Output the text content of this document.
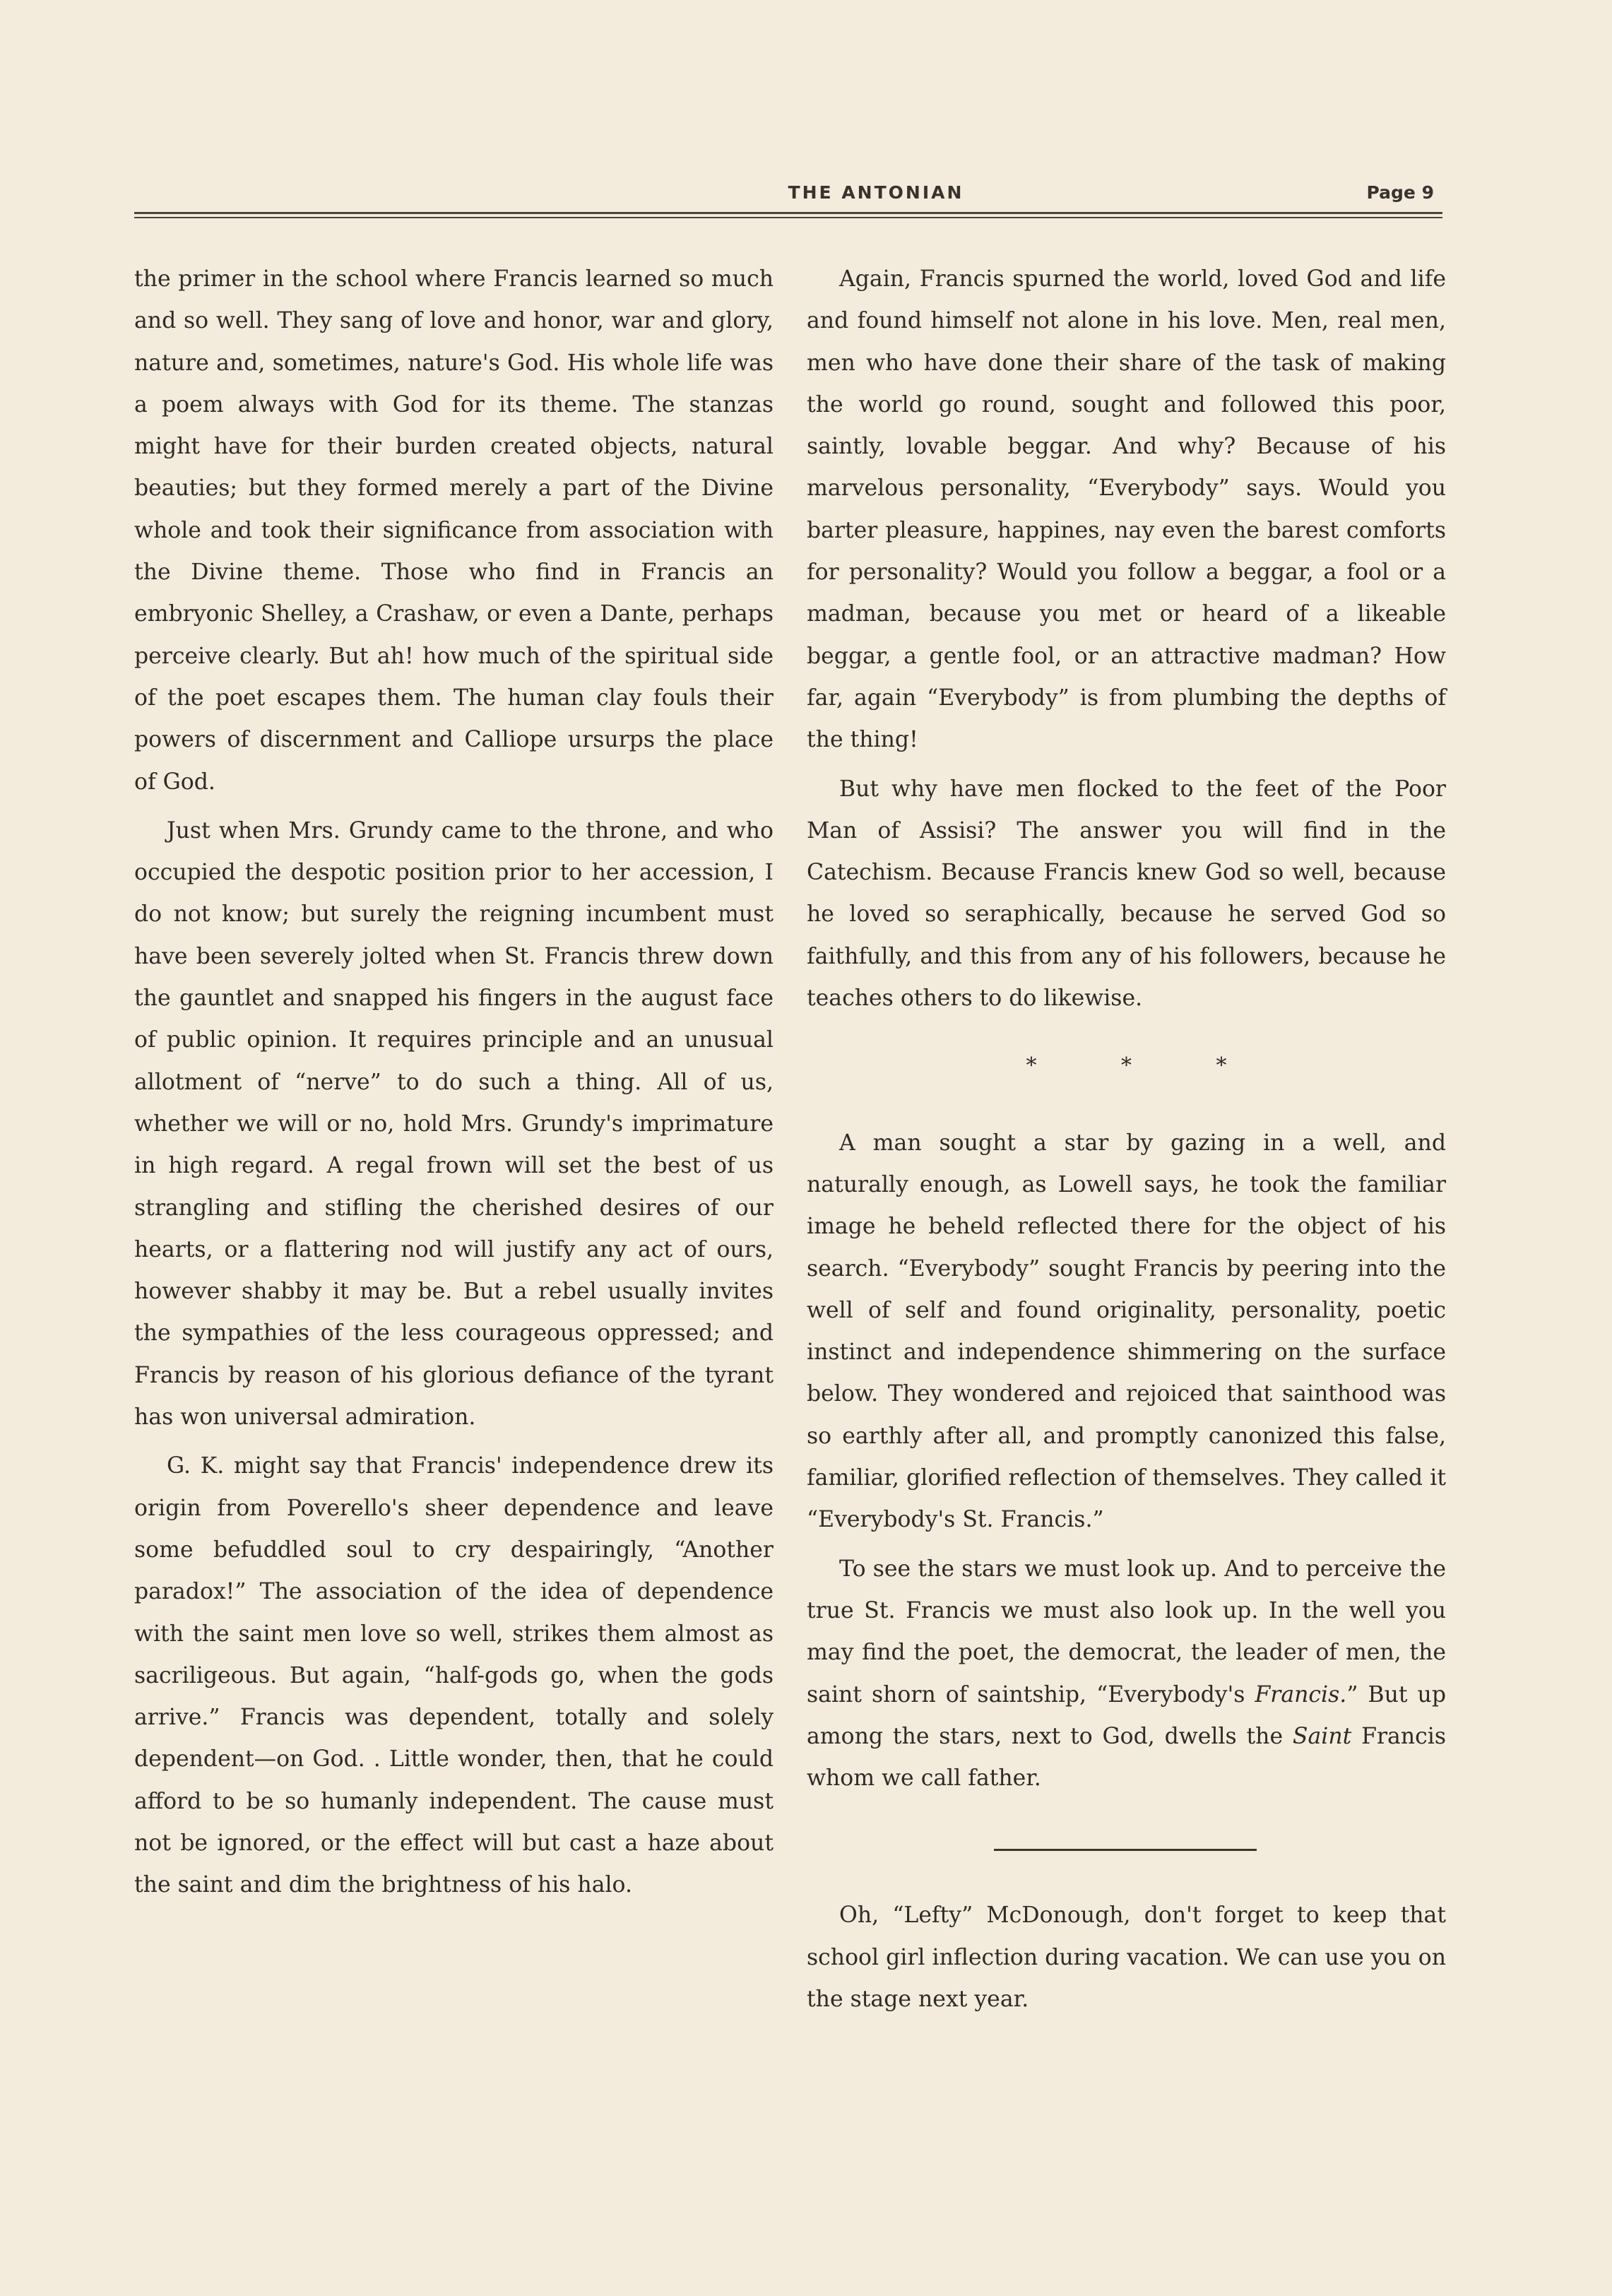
THE ANTONIAN	Page 9

the primer in the school where Francis learned so much and so well. They sang of love and honor, war and glory, nature and, sometimes, nature's God. His whole life was a poem always with God for its theme. The stanzas might have for their burden created objects, natural beauties; but they formed merely a part of the Divine whole and took their significance from association with the Divine theme. Those who find in Francis an embryonic Shelley, a Crashaw, or even a Dante, perhaps perceive clearly. But ah! how much of the spiritual side of the poet escapes them. The human clay fouls their powers of discernment and Calliope ursurps the place of God.

Just when Mrs. Grundy came to the throne, and who occupied the despotic position prior to her accession, I do not know; but surely the reigning incumbent must have been severely jolted when St. Francis threw down the gauntlet and snapped his fingers in the august face of public opinion. It requires principle and an unusual allotment of “nerve” to do such a thing. All of us, whether we will or no, hold Mrs. Grundy's imprimature in high regard. A regal frown will set the best of us strangling and stifling the cherished desires of our hearts, or a flattering nod will justify any act of ours, however shabby it may be. But a rebel usually invites the sympathies of the less courageous oppressed; and Francis by reason of his glorious defiance of the tyrant has won universal admiration.

G. K. might say that Francis' independence drew its origin from Poverello's sheer dependence and leave some befuddled soul to cry despairingly, “Another paradox!” The association of the idea of dependence with the saint men love so well, strikes them almost as sacriligeous. But again, “half-gods go, when the gods arrive.” Francis was dependent, totally and solely dependent—on God. . Little wonder, then, that he could afford to be so humanly independent. The cause must not be ignored, or the effect will but cast a haze about the saint and dim the brightness of his halo.

Again, Francis spurned the world, loved God and life and found himself not alone in his love. Men, real men, men who have done their share of the task of making the world go round, sought and followed this poor, saintly, lovable beggar. And why? Because of his marvelous personality, “Everybody” says. Would you barter pleasure, happines, nay even the barest comforts for personality? Would you follow a beggar, a fool or a madman, because you met or heard of a likeable beggar, a gentle fool, or an attractive madman? How far, again “Everybody” is from plumbing the depths of the thing!

But why have men flocked to the feet of the Poor Man of Assisi? The answer you will find in the Catechism. Because Francis knew God so well, because he loved so seraphically, because he served God so faithfully, and this from any of his followers, because he teaches others to do likewise.

* * *

A man sought a star by gazing in a well, and naturally enough, as Lowell says, he took the familiar image he beheld reflected there for the object of his search. “Everybody” sought Francis by peering into the well of self and found originality, personality, poetic instinct and independence shimmering on the surface below. They wondered and rejoiced that sainthood was so earthly after all, and promptly canonized this false, familiar, glorified reflection of themselves. They called it “Everybody's St. Francis.”

To see the stars we must look up. And to perceive the true St. Francis we must also look up. In the well you may find the poet, the democrat, the leader of men, the saint shorn of saintship, “Everybody's Francis.” But up among the stars, next to God, dwells the Saint Francis whom we call father.

Oh, “Lefty” McDonough, don't forget to keep that school girl inflection during vacation. We can use you on the stage next year.
